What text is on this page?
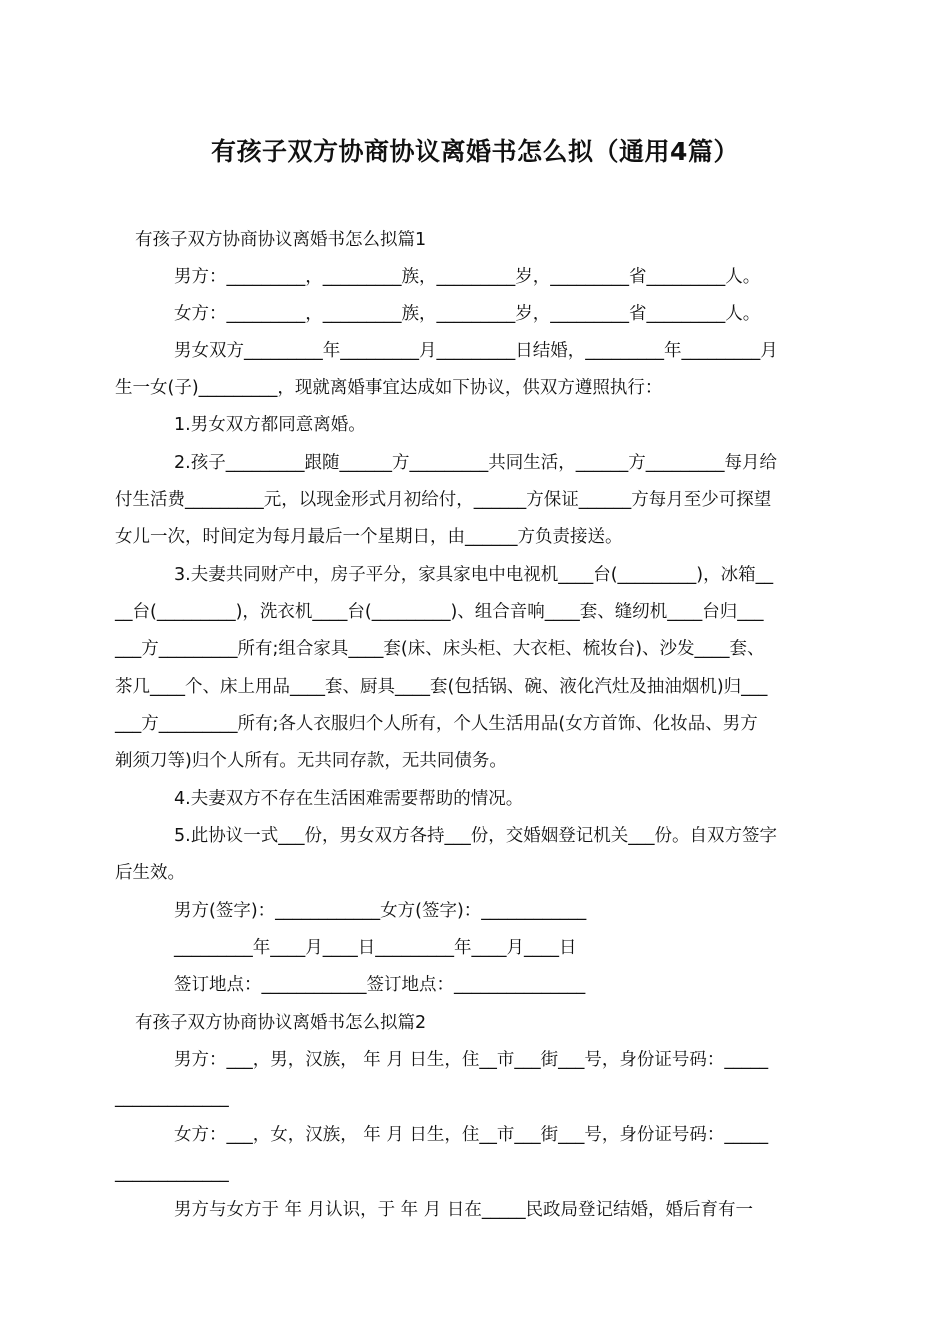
有孩子双方协商协议离婚书怎么拟（通用4篇）
有孩子双方协商协议离婚书怎么拟篇1
男方：_________，_________族，_________岁，_________省_________人。
女方：_________，_________族，_________岁，_________省_________人。
男女双方_________年_________月_________日结婚，_________年_________月
生一女(子)_________，现就离婚事宜达成如下协议，供双方遵照执行：
1.男女双方都同意离婚。
2.孩子_________跟随______方_________共同生活，______方_________每月给
付生活费_________元，以现金形式月初给付，______方保证______方每月至少可探望
女儿一次，时间定为每月最后一个星期日，由______方负责接送。
3.夫妻共同财产中，房子平分，家具家电中电视机____台(_________)，冰箱__
__台(_________)，洗衣机____台(_________)、组合音响____套、缝纫机____台归___
___方_________所有;组合家具____套(床、床头柜、大衣柜、梳妆台)、沙发____套、
茶几____个、床上用品____套、厨具____套(包括锅、碗、液化汽灶及抽油烟机)归___
___方_________所有;各人衣服归个人所有，个人生活用品(女方首饰、化妆品、男方
剃须刀等)归个人所有。无共同存款，无共同债务。
4.夫妻双方不存在生活困难需要帮助的情况。
5.此协议一式___份，男女双方各持___份，交婚姻登记机关___份。自双方签字
后生效。
男方(签字)：____________女方(签字)：____________
_________年____月____日_________年____月____日
签订地点：____________签订地点：_______________
有孩子双方协商协议离婚书怎么拟篇2
男方：___，男，汉族， 年 月 日生，住__市___街___号，身份证号码：_____
_____________
女方：___，女，汉族， 年 月 日生，住__市___街___号，身份证号码：_____
_____________
男方与女方于 年 月认识，于 年 月 日在_____民政局登记结婚，婚后育有一
